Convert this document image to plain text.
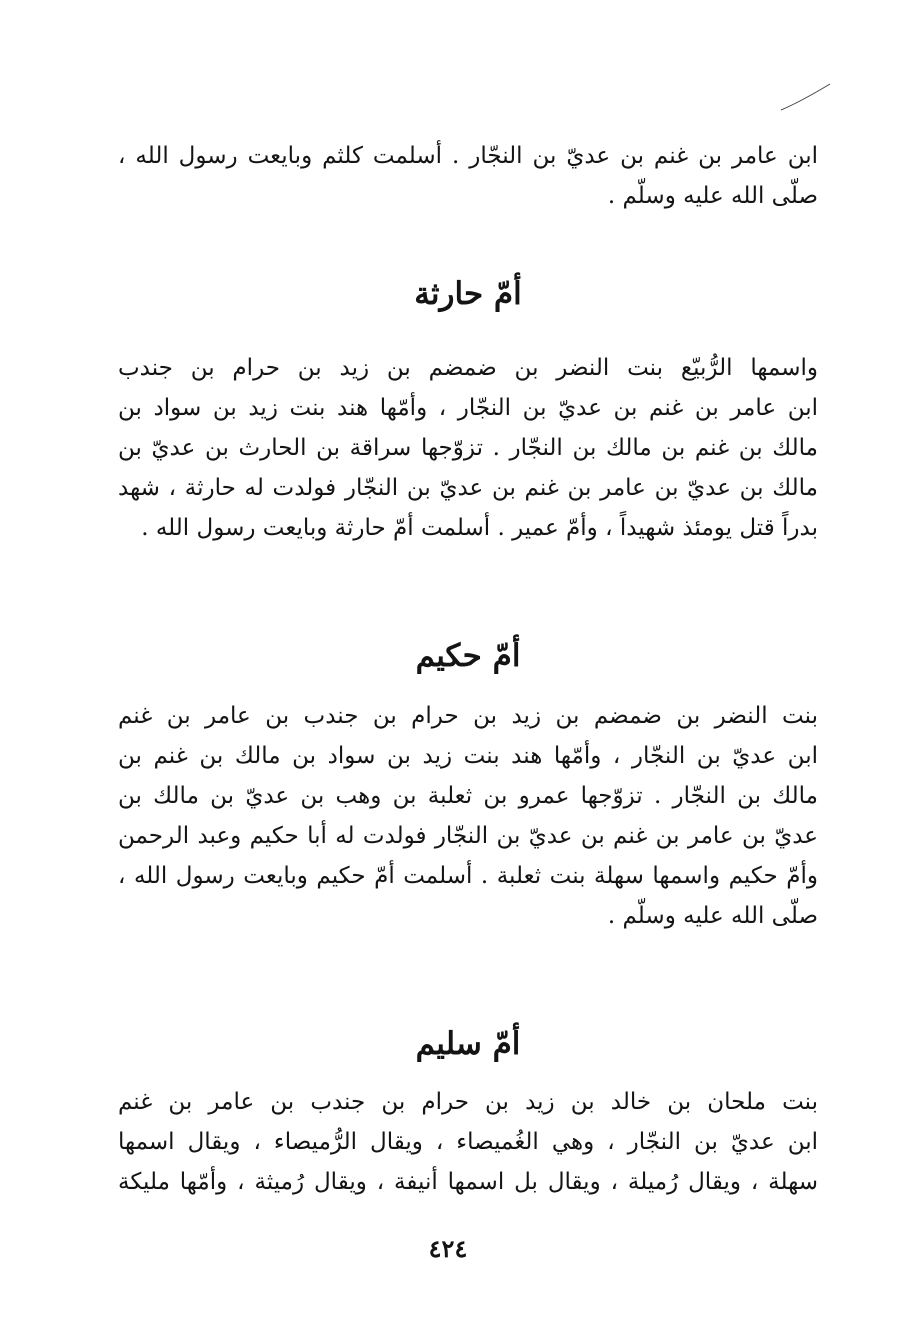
ابن عامر بن غنم بن عديّ بن النجّار . أسلمت كلثم وبايعت رسول الله ،
صلّى الله عليه وسلّم .
أمّ حارثة
واسمها الرُّبيّع بنت النضر بن ضمضم بن زيد بن حرام بن جندب
ابن عامر بن غنم بن عديّ بن النجّار ، وأمّها هند بنت زيد بن سواد بن
مالك بن غنم بن مالك بن النجّار . تزوّجها سراقة بن الحارث بن عديّ بن
مالك بن عديّ بن عامر بن غنم بن عديّ بن النجّار فولدت له حارثة ، شهد
بدراً قتل يومئذ شهيداً ، وأمّ عمير . أسلمت أمّ حارثة وبايعت رسول الله .
أمّ حكيم
بنت النضر بن ضمضم بن زيد بن حرام بن جندب بن عامر بن غنم
ابن عديّ بن النجّار ، وأمّها هند بنت زيد بن سواد بن مالك بن غنم بن
مالك بن النجّار . تزوّجها عمرو بن ثعلبة بن وهب بن عديّ بن مالك بن
عديّ بن عامر بن غنم بن عديّ بن النجّار فولدت له أبا حكيم وعبد الرحمن
وأمّ حكيم واسمها سهلة بنت ثعلبة . أسلمت أمّ حكيم وبايعت رسول الله ،
صلّى الله عليه وسلّم .
أمّ سليم
بنت ملحان بن خالد بن زيد بن حرام بن جندب بن عامر بن غنم
ابن عديّ بن النجّار ، وهي الغُميصاء ، ويقال الرُّميصاء ، ويقال اسمها
سهلة ، ويقال رُميلة ، ويقال بل اسمها أنيفة ، ويقال رُميثة ، وأمّها مليكة
٤٢٤
